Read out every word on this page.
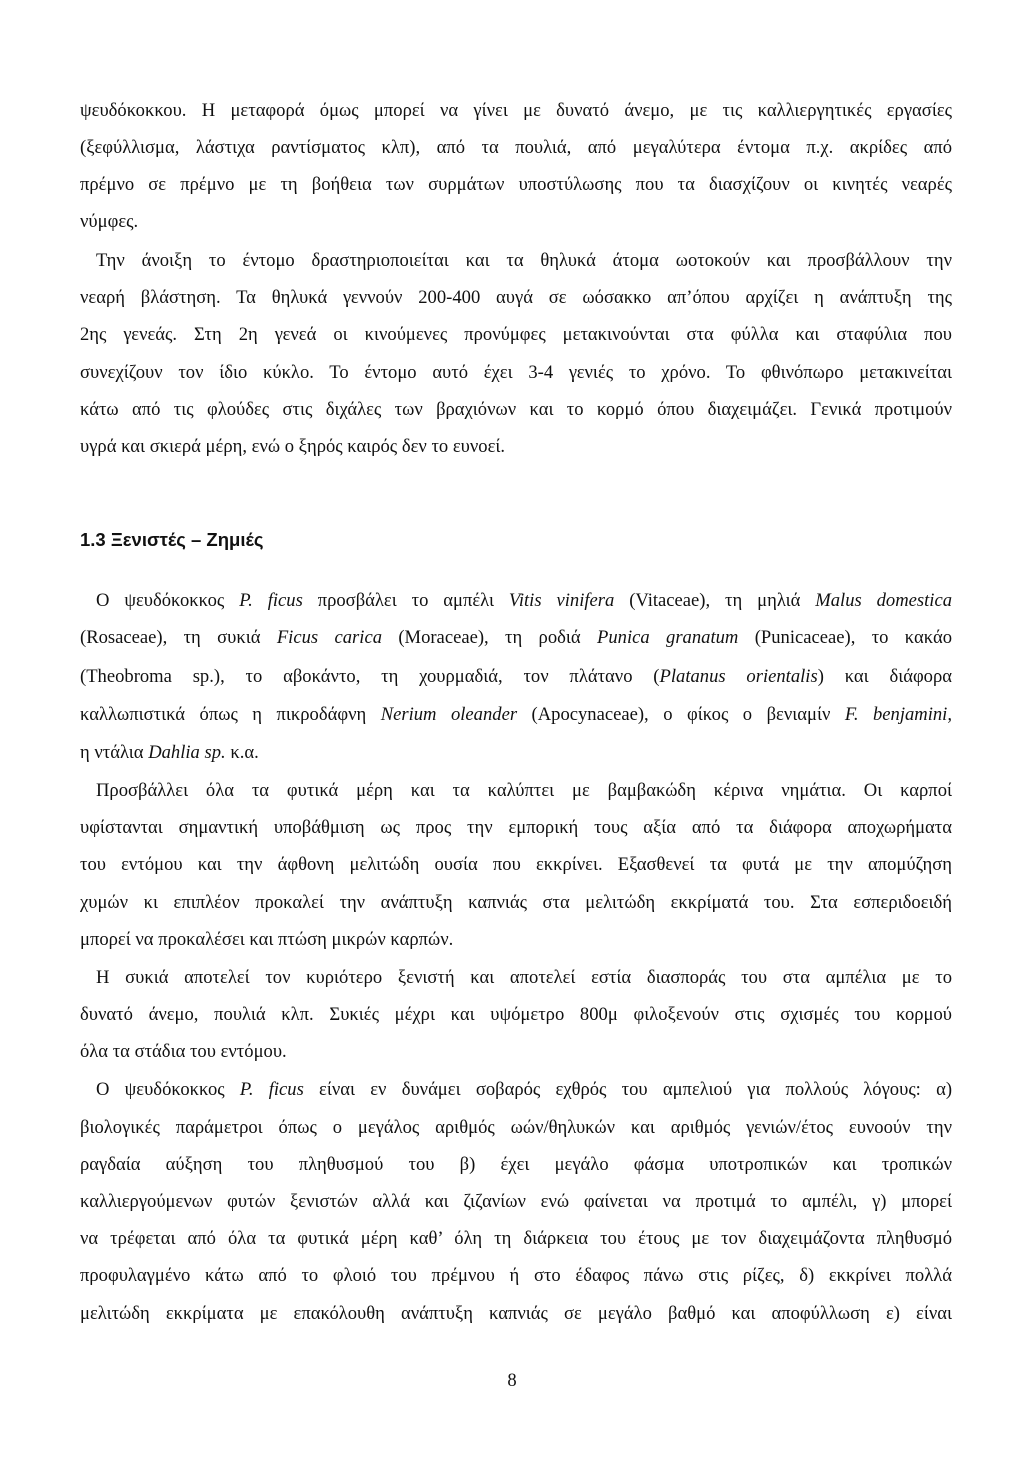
ψευδόκοκκου. Η μεταφορά όμως μπορεί να γίνει με δυνατό άνεμο, με τις καλλιεργητικές εργασίες
(ξεφύλλισμα, λάστιχα ραντίσματος κλπ), από τα πουλιά, από μεγαλύτερα έντομα π.χ. ακρίδες από
πρέμνο σε πρέμνο με τη βοήθεια των συρμάτων υποστύλωσης που τα διασχίζουν οι κινητές νεαρές
νύμφες.
Την άνοιξη το έντομο δραστηριοποιείται και τα θηλυκά άτομα ωοτοκούν και προσβάλλουν την
νεαρή βλάστηση. Τα θηλυκά γεννούν 200-400 αυγά σε ωόσακκο απ’όπου αρχίζει η ανάπτυξη της
2ης γενεάς. Στη 2η γενεά οι κινούμενες προνύμφες μετακινούνται στα φύλλα και σταφύλια που
συνεχίζουν τον ίδιο κύκλο. Το έντομο αυτό έχει 3-4 γενιές το χρόνο. Το φθινόπωρο μετακινείται
κάτω από τις φλούδες στις διχάλες των βραχιόνων και το κορμό όπου διαχειμάζει. Γενικά προτιμούν
υγρά και σκιερά μέρη, ενώ ο ξηρός καιρός δεν το ευνοεί.
1.3 Ξενιστές – Ζημιές
Ο ψευδόκοκκος P. ficus προσβάλει το αμπέλι Vitis vinifera (Vitaceae), τη μηλιά Malus domestica
(Rosaceae), τη συκιά Ficus carica (Moraceae), τη ροδιά Punica granatum (Punicaceae), το κακάο
(Theobroma sp.), το αβοκάντο, τη χουρμαδιά, τον πλάτανο (Platanus orientalis) και διάφορα
καλλωπιστικά όπως η πικροδάφνη Nerium oleander (Apocynaceae), ο φίκος ο βενιαμίν F. benjamini,
η ντάλια Dahlia sp. κ.α.
Προσβάλλει όλα τα φυτικά μέρη και τα καλύπτει με βαμβακώδη κέρινα νημάτια. Οι καρποί
υφίστανται σημαντική υποβάθμιση ως προς την εμπορική τους αξία από τα διάφορα αποχωρήματα
του εντόμου και την άφθονη μελιτώδη ουσία που εκκρίνει. Εξασθενεί τα φυτά με την απομύζηση
χυμών κι επιπλέον προκαλεί την ανάπτυξη καπνιάς στα μελιτώδη εκκρίματά του. Στα εσπεριδοειδή
μπορεί να προκαλέσει και πτώση μικρών καρπών.
Η συκιά αποτελεί τον κυριότερο ξενιστή και αποτελεί εστία διασποράς του στα αμπέλια με το
δυνατό άνεμο, πουλιά κλπ. Συκιές μέχρι και υψόμετρο 800μ φιλοξενούν στις σχισμές του κορμού
όλα τα στάδια του εντόμου.
Ο ψευδόκοκκος P. ficus είναι εν δυνάμει σοβαρός εχθρός του αμπελιού για πολλούς λόγους: α)
βιολογικές παράμετροι όπως ο μεγάλος αριθμός ωών/θηλυκών και αριθμός γενιών/έτος ευνοούν την
ραγδαία αύξηση του πληθυσμού του β) έχει μεγάλο φάσμα υποτροπικών και τροπικών
καλλιεργούμενων φυτών ξενιστών αλλά και ζιζανίων ενώ φαίνεται να προτιμά το αμπέλι, γ) μπορεί
να τρέφεται από όλα τα φυτικά μέρη καθ’ όλη τη διάρκεια του έτους με τον διαχειμάζοντα πληθυσμό
προφυλαγμένο κάτω από το φλοιό του πρέμνου ή στο έδαφος πάνω στις ρίζες, δ) εκκρίνει πολλά
μελιτώδη εκκρίματα με επακόλουθη ανάπτυξη καπνιάς σε μεγάλο βαθμό και αποφύλλωση ε) είναι
8
